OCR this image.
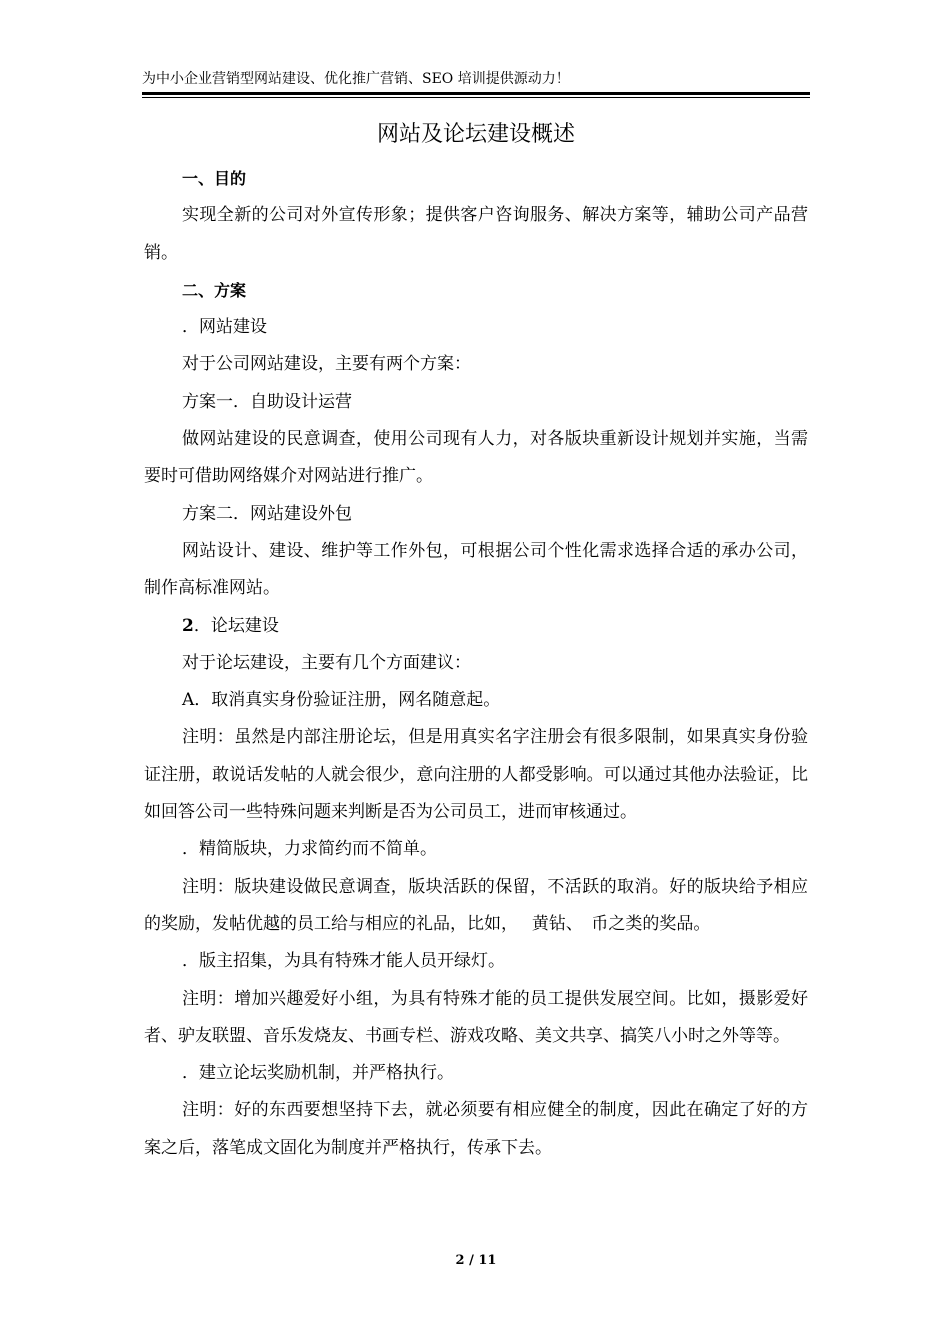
为中小企业营销型网站建设、优化推广营销、SEO 培训提供源动力！
网站及论坛建设概述

一、目的

实现全新的公司对外宣传形象；提供客户咨询服务、解决方案等，辅助公司产品营销。

二、方案

．网站建设

对于公司网站建设，主要有两个方案：

方案一．自助设计运营

做网站建设的民意调查，使用公司现有人力，对各版块重新设计规划并实施，当需要时可借助网络媒介对网站进行推广。

方案二．网站建设外包

网站设计、建设、维护等工作外包，可根据公司个性化需求选择合适的承办公司，制作高标准网站。

2．论坛建设

对于论坛建设，主要有几个方面建议：

A．取消真实身份验证注册，网名随意起。

注明：虽然是内部注册论坛，但是用真实名字注册会有很多限制，如果真实身份验证注册，敢说话发帖的人就会很少，意向注册的人都受影响。可以通过其他办法验证，比如回答公司一些特殊问题来判断是否为公司员工，进而审核通过。

．精简版块，力求简约而不简单。

注明：版块建设做民意调查，版块活跃的保留，不活跃的取消。好的版块给予相应的奖励，发帖优越的员工给与相应的礼品，比如，　 黄钻、　币之类的奖品。

．版主招集，为具有特殊才能人员开绿灯。

注明：增加兴趣爱好小组，为具有特殊才能的员工提供发展空间。比如，摄影爱好者、驴友联盟、音乐发烧友、书画专栏、游戏攻略、美文共享、搞笑八小时之外等等。

．建立论坛奖励机制，并严格执行。

注明：好的东西要想坚持下去，就必须要有相应健全的制度，因此在确定了好的方案之后，落笔成文固化为制度并严格执行，传承下去。

2 / 11
